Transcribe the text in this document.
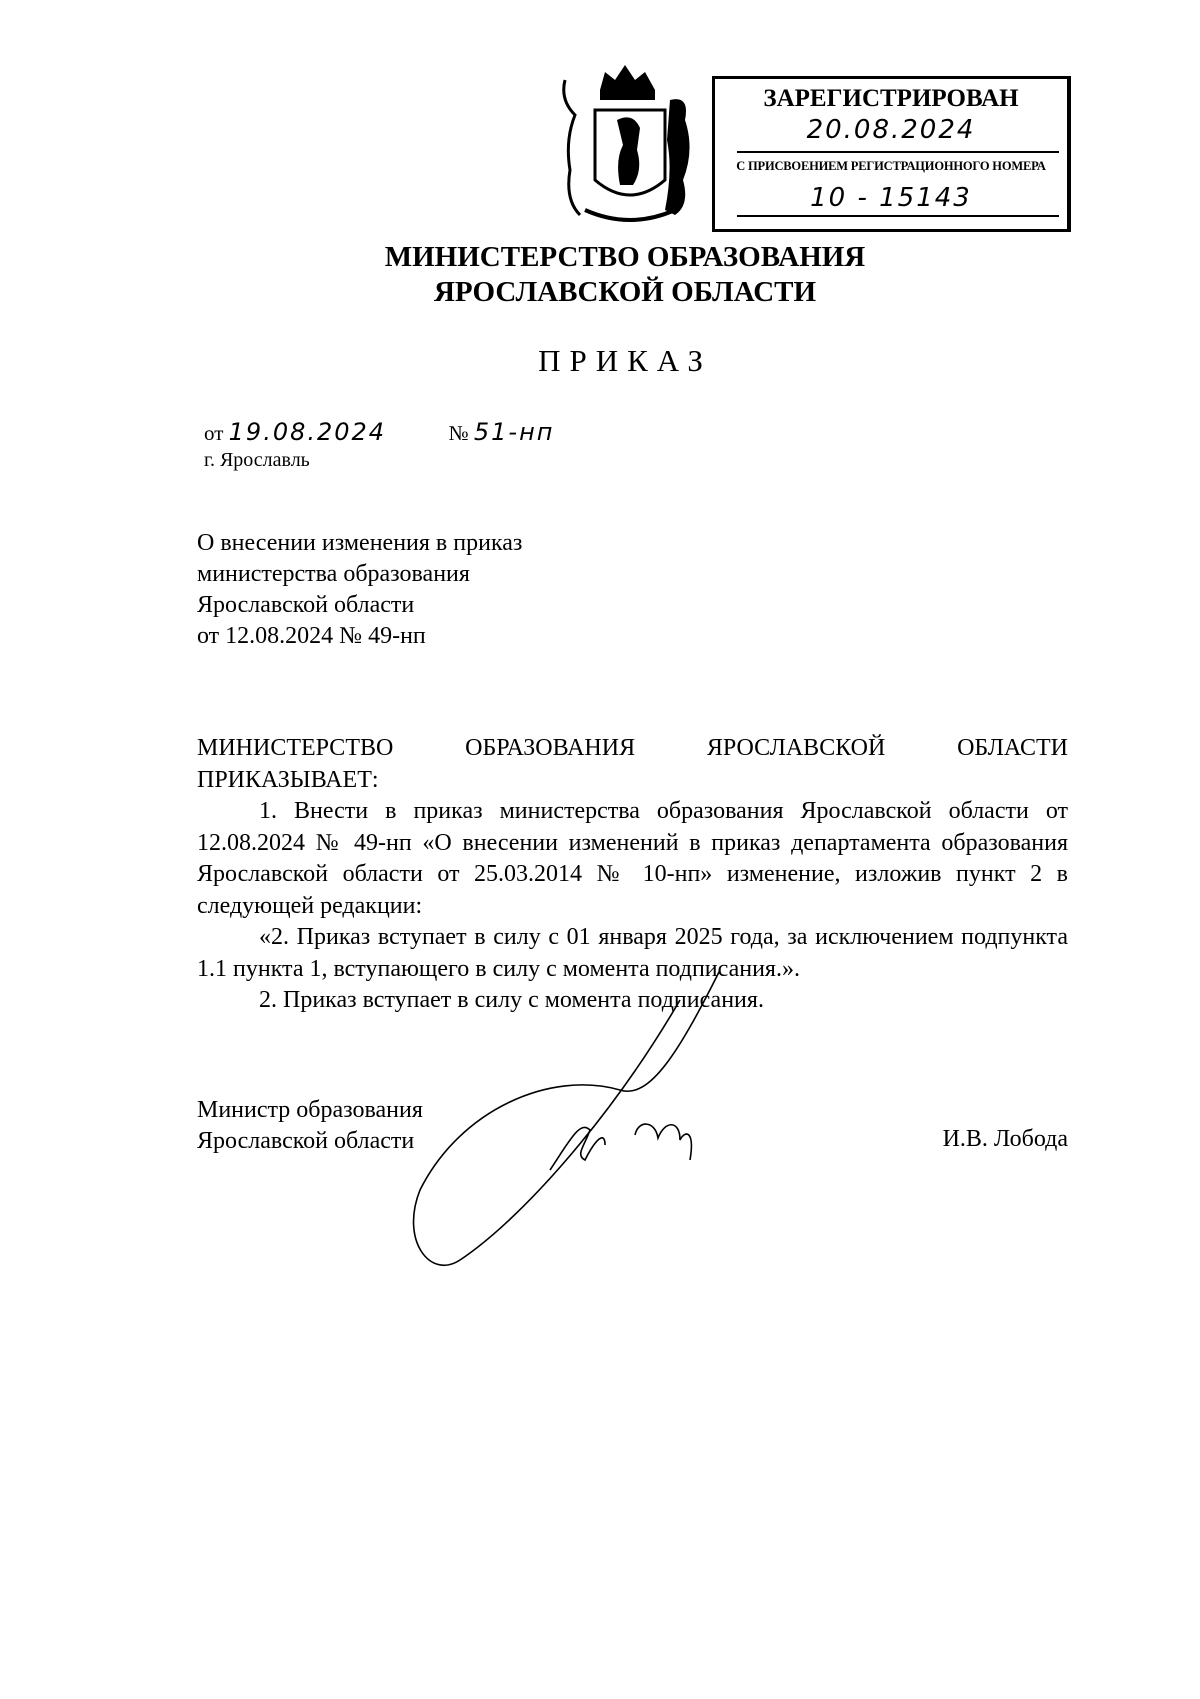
ЗАРЕГИСТРИРОВАН
20.08.2024
С ПРИСВОЕНИЕМ РЕГИСТРАЦИОННОГО НОМЕРА
10 - 15143
МИНИСТЕРСТВО ОБРАЗОВАНИЯ
ЯРОСЛАВСКОЙ ОБЛАСТИ
ПРИКАЗ
от 19.08.2024	№ 51-нп
г. Ярославль
О внесении изменения в приказ
министерства образования
Ярославской области
от 12.08.2024 № 49-нп

МИНИСТЕРСТВО ОБРАЗОВАНИЯ ЯРОСЛАВСКОЙ ОБЛАСТИ

ПРИКАЗЫВАЕТ:

1. Внести в приказ министерства образования Ярославской области от 12.08.2024 № 49-нп «О внесении изменений в приказ департамента образования Ярославской области от 25.03.2014 № 10-нп» изменение, изложив пункт 2 в следующей редакции:

«2. Приказ вступает в силу с 01 января 2025 года, за исключением подпункта 1.1 пункта 1, вступающего в силу с момента подписания.».

2. Приказ вступает в силу с момента подписания.

Министр образования
Ярославской области	И.В. Лобода
